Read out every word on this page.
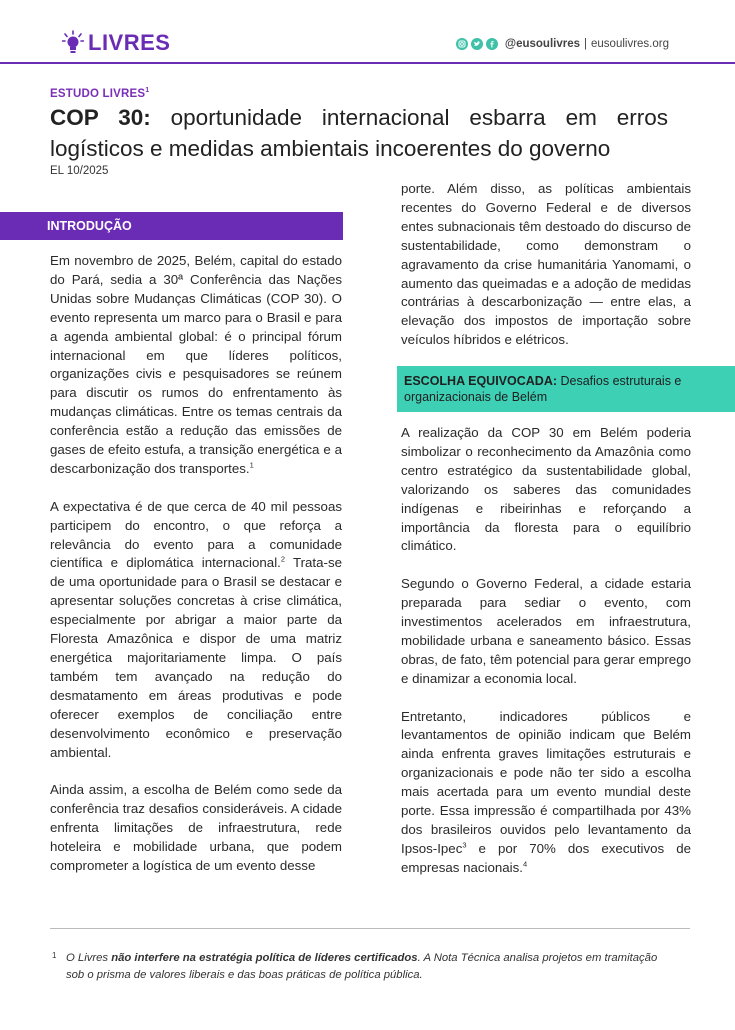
LIVRES	@eusoulivres | eusoulivres.org
ESTUDO LIVRES$^1$
COP 30: oportunidade internacional esbarra em erros logísticos e medidas ambientais incoerentes do governo
EL 10/2025
INTRODUÇÃO

Em novembro de 2025, Belém, capital do estado do Pará, sedia a 30ª Conferência das Nações Unidas sobre Mudanças Climáticas (COP 30). O evento representa um marco para o Brasil e para a agenda ambiental global: é o principal fórum internacional em que líderes políticos, organizações civis e pesquisadores se reúnem para discutir os rumos do enfrentamento às mudanças climáticas. Entre os temas centrais da conferência estão a redução das emissões de gases de efeito estufa, a transição energética e a descarbonização dos transportes.$^1$

A expectativa é de que cerca de 40 mil pessoas participem do encontro, o que reforça a relevância do evento para a comunidade científica e diplomática internacional.$^2$ Trata-se de uma oportunidade para o Brasil se destacar e apresentar soluções concretas à crise climática, especialmente por abrigar a maior parte da Floresta Amazônica e dispor de uma matriz energética majoritariamente limpa. O país também tem avançado na redução do desmatamento em áreas produtivas e pode oferecer exemplos de conciliação entre desenvolvimento econômico e preservação ambiental.

Ainda assim, a escolha de Belém como sede da conferência traz desafios consideráveis. A cidade enfrenta limitações de infraestrutura, rede hoteleira e mobilidade urbana, que podem comprometer a logística de um evento desse

porte. Além disso, as políticas ambientais recentes do Governo Federal e de diversos entes subnacionais têm destoado do discurso de sustentabilidade, como demonstram o agravamento da crise humanitária Yanomami, o aumento das queimadas e a adoção de medidas contrárias à descarbonização — entre elas, a elevação dos impostos de importação sobre veículos híbridos e elétricos.

ESCOLHA EQUIVOCADA: Desafios estruturais e organizacionais de Belém

A realização da COP 30 em Belém poderia simbolizar o reconhecimento da Amazônia como centro estratégico da sustentabilidade global, valorizando os saberes das comunidades indígenas e ribeirinhas e reforçando a importância da floresta para o equilíbrio climático.

Segundo o Governo Federal, a cidade estaria preparada para sediar o evento, com investimentos acelerados em infraestrutura, mobilidade urbana e saneamento básico. Essas obras, de fato, têm potencial para gerar emprego e dinamizar a economia local.

Entretanto, indicadores públicos e levantamentos de opinião indicam que Belém ainda enfrenta graves limitações estruturais e organizacionais e pode não ter sido a escolha mais acertada para um evento mundial deste porte. Essa impressão é compartilhada por 43% dos brasileiros ouvidos pelo levantamento da Ipsos-Ipec$^3$ e por 70% dos executivos de empresas nacionais.$^4$

1 O Livres não interfere na estratégia política de líderes certificados. A Nota Técnica analisa projetos em tramitação sob o prisma de valores liberais e das boas práticas de política pública.
